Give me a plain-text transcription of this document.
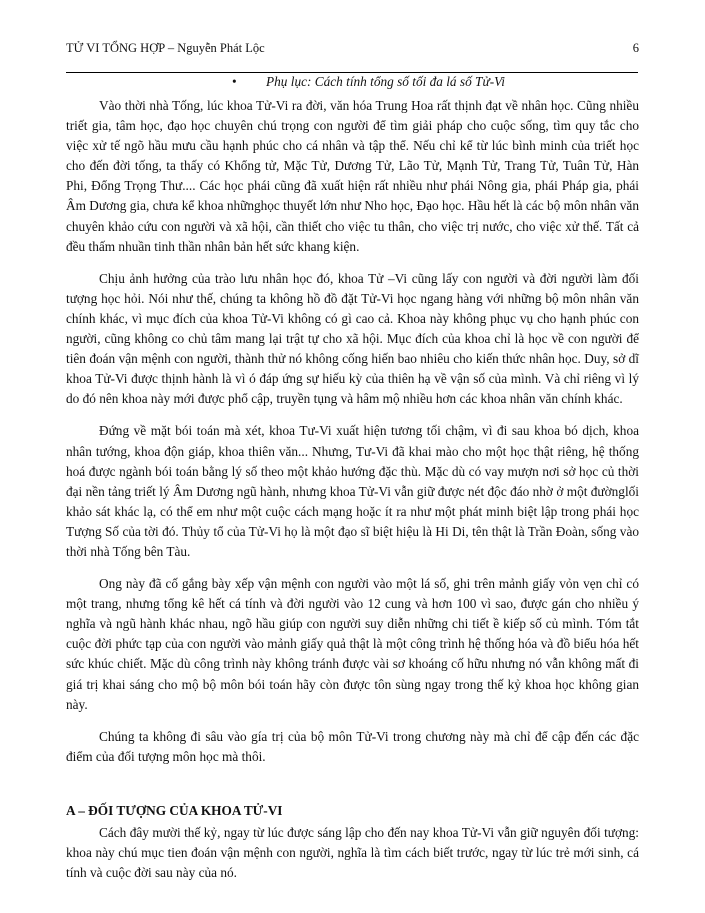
TỬ VI TỔNG HỢP – Nguyễn Phát Lộc	6
• Phụ lục: Cách tính tổng số tối đa lá số Tử-Vi

Vào thời nhà Tống, lúc khoa Tử-Vi ra đời, văn hóa Trung Hoa rất thịnh đạt về nhân học. Cũng nhiều triết gia, tâm học, đạo học chuyên chú trọng con người để tìm giải pháp cho cuộc sống, tìm quy tắc cho việc xử tế ngõ hầu mưu cầu hạnh phúc cho cá nhân và tập thể. Nếu chỉ kể từ lúc bình minh của triết học cho đến đời tống, ta thấy có Khổng tử, Mặc Tử, Dương Tử, Lão Tử, Mạnh Tử, Trang Tử, Tuân Tử, Hàn Phi, Đổng Trọng Thư.... Các học phái cũng đã xuất hiện rất nhiều như phái Nông gia, phái Pháp gia, phái Âm Dương gia, chưa kể khoa nhữnghọc thuyết lớn như Nho học, Đạo học. Hầu hết là các bộ môn nhân văn chuyên khảo cứu con người và xã hội, cần thiết cho việc tu thân, cho việc trị nước, cho việc xử thế. Tất cả đều thấm nhuần tinh thần nhân bản hết sức khang kiện.

Chịu ảnh hưởng của trào lưu nhân học đó, khoa Tử –Vi cũng lấy con người và đời người làm đối tượng học hỏi. Nói như thế, chúng ta không hồ đồ đặt Tử-Vi học ngang hàng với những bộ môn nhân văn chính khác, vì mục đích của khoa Tử-Vi không có gì cao cả. Khoa này không phục vụ cho hạnh phúc con người, cũng không co chủ tâm mang lại trật tự cho xã hội. Mục đích của khoa chỉ là học về con người để tiên đoán vận mệnh con người, thành thử nó không cống hiến bao nhiêu cho kiến thức nhân học. Duy, sở dĩ khoa Tử-Vi được thịnh hành là vì ó đáp ứng sự hiếu kỳ của thiên hạ về vận số của mình. Và chỉ riêng vì lý do đó nên khoa này mới được phổ cập, truyền tụng và hâm mộ nhiều hơn các khoa nhân văn chính khác.

Đứng về mặt bói toán mà xét, khoa Tư-Vi xuất hiện tương tối chậm, vì đi sau khoa bó dịch, khoa nhân tướng, khoa độn giáp, khoa thiên văn... Nhưng, Tư-Vi đã khai mào cho một học thật riêng, hệ thống hoá được ngành bói toán bằng lý số theo một khảo hướng đặc thù. Mặc dù có vay mượn nơi sở học củ thời đại nền tảng triết lý Âm Dương ngũ hành, nhưng khoa Tử-Vi vẫn giữ được nét độc đáo nhờ ở một đườnglối khảo sát khác lạ, có thể em như một cuộc cách mạng hoặc ít ra như một phát minh biệt lập trong phái học Tượng Số của tời đó. Thủy tổ của Tử-Vi họ là một đạo sĩ biệt hiệu là Hi Di, tên thật là Trần Đoàn, sống vào thời nhà Tống bên Tàu.

Ong này đã cố gắng bày xếp vận mệnh con người vào một lá số, ghi trên mảnh giấy vỏn vẹn chỉ có một trang, nhưng tổng kê hết cá tính và đời người vào 12 cung và hơn 100 vì sao, được gán cho nhiều ý nghĩa và ngũ hành khác nhau, ngõ hầu giúp con người suy diễn những chi tiết ề kiếp số củ mình. Tóm tắt cuộc đời phức tạp của con người vào mảnh giấy quả thật là một công trình hệ thống hóa và đồ biểu hóa hết sức khúc chiết. Mặc dù công trình này không tránh được vài sơ khoáng cố hữu nhưng nó vẫn không mất đi giá trị khai sáng cho mộ bộ môn bói toán hãy còn được tôn sùng ngay trong thế kỷ khoa học không gian này.

Chúng ta không đi sâu vào gía trị của bộ môn Tử-Vi trong chương này mà chỉ để cập đến các đặc điểm của đối tượng môn học mà thôi.

A – ĐỐI TƯỢNG CỦA KHOA TỬ-VI

Cách đây mười thế kỷ, ngay từ lúc được sáng lập cho đến nay khoa Tử-Vi vẫn giữ nguyên đối tượng: khoa này chú mục tien đoán vận mệnh con người, nghĩa là tìm cách biết trước, ngay từ lúc trẻ mới sinh, cá tính và cuộc đời sau này của nó.
